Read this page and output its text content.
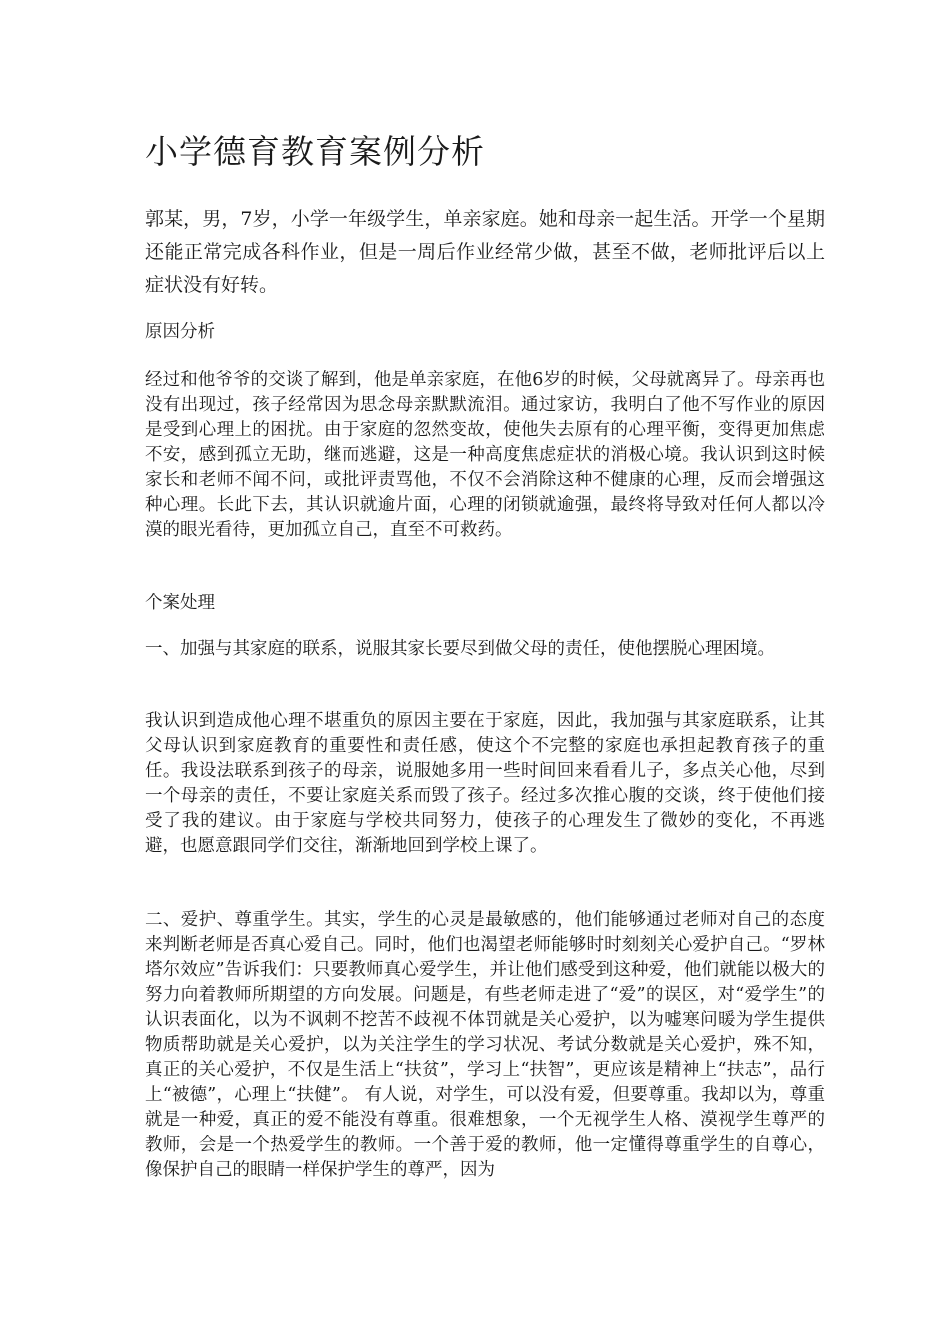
小学德育教育案例分析

郭某，男，7岁，小学一年级学生，单亲家庭。她和母亲一起生活。开学一个星期还能正常完成各科作业，但是一周后作业经常少做，甚至不做，老师批评后以上症状没有好转。

原因分析

经过和他爷爷的交谈了解到，他是单亲家庭，在他6岁的时候，父母就离异了。母亲再也没有出现过，孩子经常因为思念母亲默默流泪。通过家访，我明白了他不写作业的原因是受到心理上的困扰。由于家庭的忽然变故，使他失去原有的心理平衡，变得更加焦虑不安，感到孤立无助，继而逃避，这是一种高度焦虑症状的消极心境。我认识到这时候家长和老师不闻不问，或批评责骂他，不仅不会消除这种不健康的心理，反而会增强这种心理。长此下去，其认识就逾片面，心理的闭锁就逾强，最终将导致对任何人都以冷漠的眼光看待，更加孤立自己，直至不可救药。

个案处理

一、加强与其家庭的联系，说服其家长要尽到做父母的责任，使他摆脱心理困境。

我认识到造成他心理不堪重负的原因主要在于家庭，因此，我加强与其家庭联系，让其父母认识到家庭教育的重要性和责任感，使这个不完整的家庭也承担起教育孩子的重任。我设法联系到孩子的母亲，说服她多用一些时间回来看看儿子，多点关心他，尽到一个母亲的责任，不要让家庭关系而毁了孩子。经过多次推心腹的交谈，终于使他们接受了我的建议。由于家庭与学校共同努力，使孩子的心理发生了微妙的变化，不再逃避，也愿意跟同学们交往，渐渐地回到学校上课了。

二、爱护、尊重学生。其实，学生的心灵是最敏感的，他们能够通过老师对自己的态度来判断老师是否真心爱自己。同时，他们也渴望老师能够时时刻刻关心爱护自己。“罗林塔尔效应”告诉我们：只要教师真心爱学生，并让他们感受到这种爱，他们就能以极大的努力向着教师所期望的方向发展。问题是，有些老师走进了“爱”的误区，对“爱学生”的认识表面化，以为不讽刺不挖苦不歧视不体罚就是关心爱护，以为嘘寒问暖为学生提供物质帮助就是关心爱护，以为关注学生的学习状况、考试分数就是关心爱护，殊不知，真正的关心爱护，不仅是生活上“扶贫”，学习上“扶智”，更应该是精神上“扶志”，品行上“被德”，心理上“扶健”。 有人说，对学生，可以没有爱，但要尊重。我却以为，尊重就是一种爱，真正的爱不能没有尊重。很难想象，一个无视学生人格、漠视学生尊严的教师，会是一个热爱学生的教师。一个善于爱的教师，他一定懂得尊重学生的自尊心，像保护自己的眼睛一样保护学生的尊严，因为
